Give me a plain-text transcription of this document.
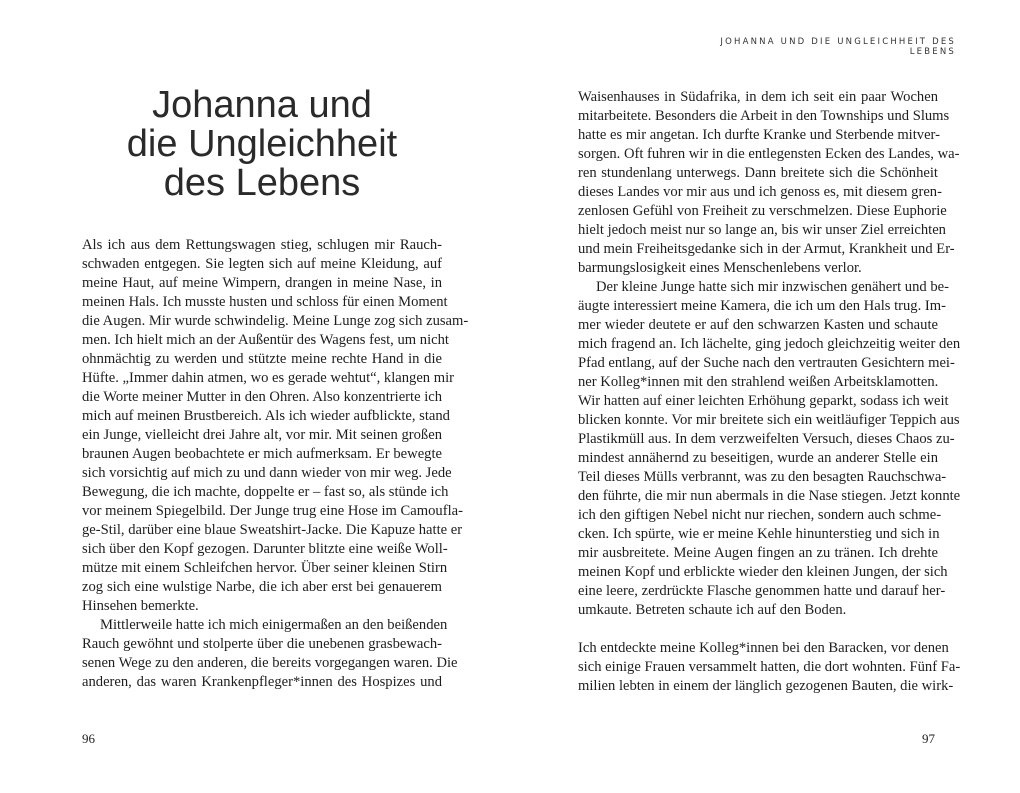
Johanna und
die Ungleichheit
des Lebens
Als ich aus dem Rettungswagen stieg, schlugen mir Rauch-
schwaden entgegen. Sie legten sich auf meine Kleidung, auf
meine Haut, auf meine Wimpern, drangen in meine Nase, in
meinen Hals. Ich musste husten und schloss für einen Moment
die Augen. Mir wurde schwindelig. Meine Lunge zog sich zusam-
men. Ich hielt mich an der Außentür des Wagens fest, um nicht
ohnmächtig zu werden und stützte meine rechte Hand in die
Hüfte. „Immer dahin atmen, wo es gerade wehtut“, klangen mir
die Worte meiner Mutter in den Ohren. Also konzentrierte ich
mich auf meinen Brustbereich. Als ich wieder aufblickte, stand
ein Junge, vielleicht drei Jahre alt, vor mir. Mit seinen großen
braunen Augen beobachtete er mich aufmerksam. Er bewegte
sich vorsichtig auf mich zu und dann wieder von mir weg. Jede
Bewegung, die ich machte, doppelte er – fast so, als stünde ich
vor meinem Spiegelbild. Der Junge trug eine Hose im Camoufla-
ge-Stil, darüber eine blaue Sweatshirt-Jacke. Die Kapuze hatte er
sich über den Kopf gezogen. Darunter blitzte eine weiße Woll-
mütze mit einem Schleifchen hervor. Über seiner kleinen Stirn
zog sich eine wulstige Narbe, die ich aber erst bei genauerem
Hinsehen bemerkte.
Mittlerweile hatte ich mich einigermaßen an den beißenden
Rauch gewöhnt und stolperte über die unebenen grasbewach-
senen Wege zu den anderen, die bereits vorgegangen waren. Die
anderen, das waren Krankenpfleger*innen des Hospizes und
96
JOHANNA UND DIE UNGLEICHHEIT DES LEBENS
Waisenhauses in Südafrika, in dem ich seit ein paar Wochen
mitarbeitete. Besonders die Arbeit in den Townships und Slums
hatte es mir angetan. Ich durfte Kranke und Sterbende mitver-
sorgen. Oft fuhren wir in die entlegensten Ecken des Landes, wa-
ren stundenlang unterwegs. Dann breitete sich die Schönheit
dieses Landes vor mir aus und ich genoss es, mit diesem gren-
zenlosen Gefühl von Freiheit zu verschmelzen. Diese Euphorie
hielt jedoch meist nur so lange an, bis wir unser Ziel erreichten
und mein Freiheitsgedanke sich in der Armut, Krankheit und Er-
barmungslosigkeit eines Menschenlebens verlor.
Der kleine Junge hatte sich mir inzwischen genähert und be-
äugte interessiert meine Kamera, die ich um den Hals trug. Im-
mer wieder deutete er auf den schwarzen Kasten und schaute
mich fragend an. Ich lächelte, ging jedoch gleichzeitig weiter den
Pfad entlang, auf der Suche nach den vertrauten Gesichtern mei-
ner Kolleg*innen mit den strahlend weißen Arbeitsklamotten.
Wir hatten auf einer leichten Erhöhung geparkt, sodass ich weit
blicken konnte. Vor mir breitete sich ein weitläufiger Teppich aus
Plastikmüll aus. In dem verzweifelten Versuch, dieses Chaos zu-
mindest annähernd zu beseitigen, wurde an anderer Stelle ein
Teil dieses Mülls verbrannt, was zu den besagten Rauchschwa-
den führte, die mir nun abermals in die Nase stiegen. Jetzt konnte
ich den giftigen Nebel nicht nur riechen, sondern auch schme-
cken. Ich spürte, wie er meine Kehle hinunterstieg und sich in
mir ausbreitete. Meine Augen fingen an zu tränen. Ich drehte
meinen Kopf und erblickte wieder den kleinen Jungen, der sich
eine leere, zerdrückte Flasche genommen hatte und darauf her-
umkaute. Betreten schaute ich auf den Boden.
Ich entdeckte meine Kolleg*innen bei den Baracken, vor denen
sich einige Frauen versammelt hatten, die dort wohnten. Fünf Fa-
milien lebten in einem der länglich gezogenen Bauten, die wirk-
97
